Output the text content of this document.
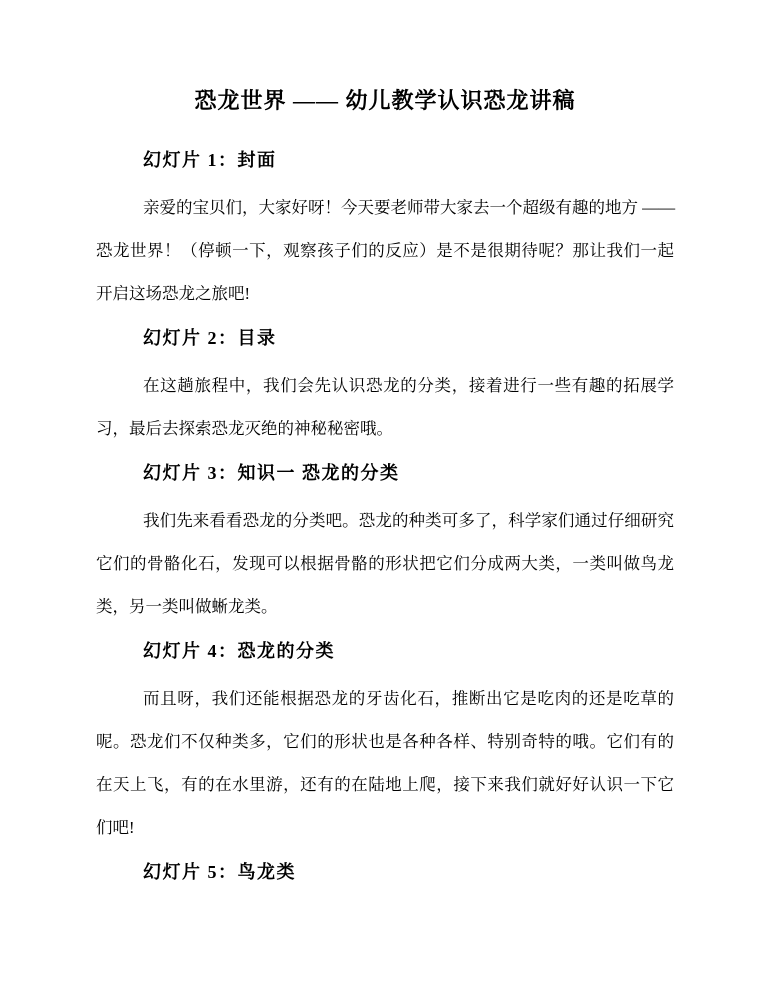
恐龙世界 —— 幼儿教学认识恐龙讲稿
幻灯片 1：封面
亲爱的宝贝们，大家好呀！今天要老师带大家去一个超级有趣的地方 ——
恐龙世界！（停顿一下，观察孩子们的反应）是不是很期待呢？那让我们一起
开启这场恐龙之旅吧!
幻灯片 2：目录
在这趟旅程中，我们会先认识恐龙的分类，接着进行一些有趣的拓展学
习，最后去探索恐龙灭绝的神秘秘密哦。
幻灯片 3：知识一 恐龙的分类
我们先来看看恐龙的分类吧。恐龙的种类可多了，科学家们通过仔细研究
它们的骨骼化石，发现可以根据骨骼的形状把它们分成两大类，一类叫做鸟龙
类，另一类叫做蜥龙类。
幻灯片 4：恐龙的分类
而且呀，我们还能根据恐龙的牙齿化石，推断出它是吃肉的还是吃草的
呢。恐龙们不仅种类多，它们的形状也是各种各样、特别奇特的哦。它们有的
在天上飞，有的在水里游，还有的在陆地上爬，接下来我们就好好认识一下它
们吧!
幻灯片 5：鸟龙类
